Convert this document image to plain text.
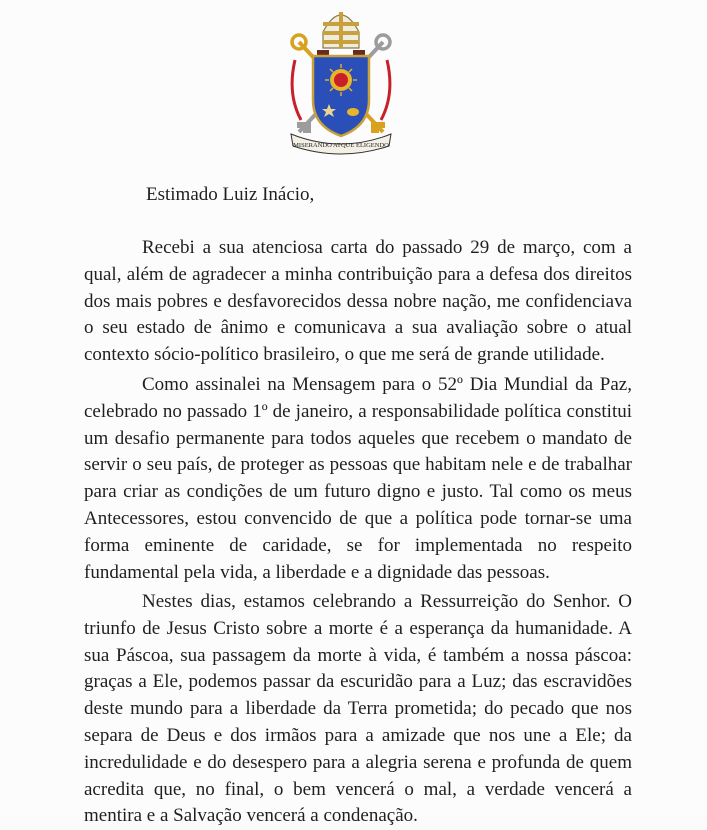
MISERANDO ATQUE ELIGENDO
Estimado Luiz Inácio,

Recebi a sua atenciosa carta do passado 29 de março, com a qual, além de agradecer a minha contribuição para a defesa dos direitos dos mais pobres e desfavorecidos dessa nobre nação, me confidenciava o seu estado de ânimo e comunicava a sua avaliação sobre o atual contexto sócio-político brasileiro, o que me será de grande utilidade.

Como assinalei na Mensagem para o 52º Dia Mundial da Paz, celebrado no passado 1º de janeiro, a responsabilidade política constitui um desafio permanente para todos aqueles que recebem o mandato de servir o seu país, de proteger as pessoas que habitam nele e de trabalhar para criar as condições de um futuro digno e justo. Tal como os meus Antecessores, estou convencido de que a política pode tornar-se uma forma eminente de caridade, se for implementada no respeito fundamental pela vida, a liberdade e a dignidade das pessoas.

Nestes dias, estamos celebrando a Ressurreição do Senhor. O triunfo de Jesus Cristo sobre a morte é a esperança da humanidade. A sua Páscoa, sua passagem da morte à vida, é também a nossa páscoa: graças a Ele, podemos passar da escuridão para a Luz; das escravidões deste mundo para a liberdade da Terra prometida; do pecado que nos separa de Deus e dos irmãos para a amizade que nos une a Ele; da incredulidade e do desespero para a alegria serena e profunda de quem acredita que, no final, o bem vencerá o mal, a verdade vencerá a mentira e a Salvação vencerá a condenação.
